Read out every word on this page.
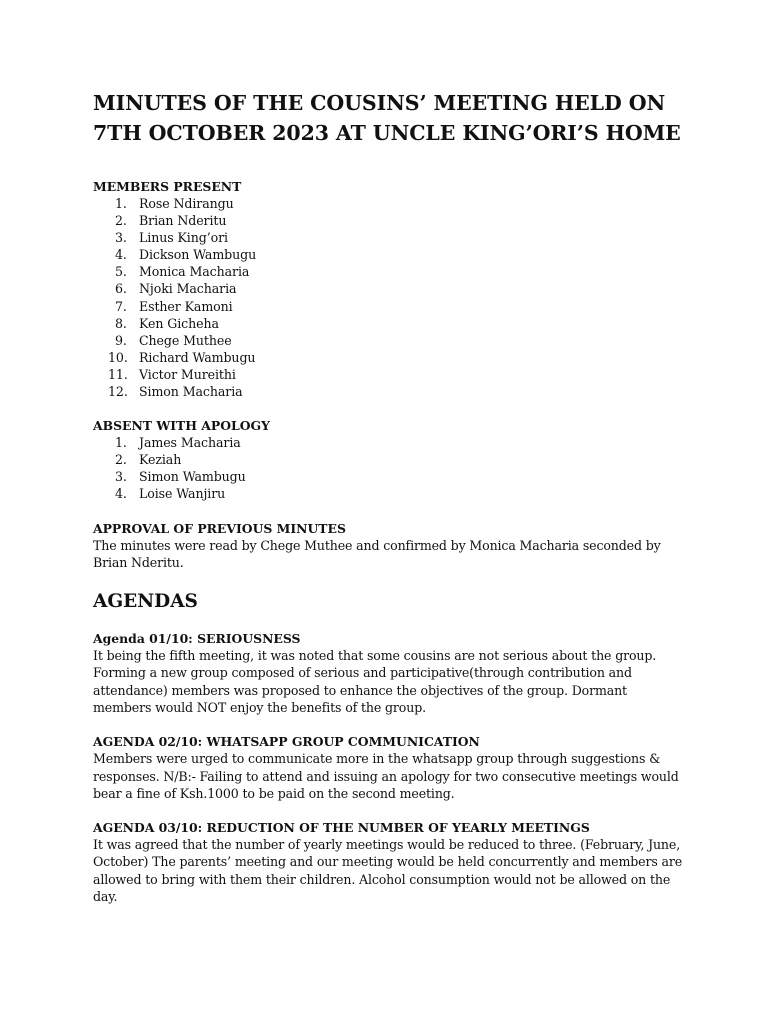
MINUTES OF THE COUSINS’ MEETING HELD ON
7TH OCTOBER 2023 AT UNCLE KING’ORI’S HOME

MEMBERS PRESENT

1. Rose Ndirangu
2. Brian Nderitu
3. Linus King’ori
4. Dickson Wambugu
5. Monica Macharia
6. Njoki Macharia
7. Esther Kamoni
8. Ken Gicheha
9. Chege Muthee
10. Richard Wambugu
11. Victor Mureithi
12. Simon Macharia

ABSENT WITH APOLOGY

1. James Macharia
2. Keziah
3. Simon Wambugu
4. Loise Wanjiru

APPROVAL OF PREVIOUS MINUTES

The minutes were read by Chege Muthee and confirmed by Monica Macharia seconded by Brian Nderitu.

AGENDAS

Agenda 01/10: SERIOUSNESS

It being the fifth meeting, it was noted that some cousins are not serious about the group. Forming a new group composed of serious and participative(through contribution and attendance) members was proposed to enhance the objectives of the group. Dormant members would NOT enjoy the benefits of the group.

AGENDA 02/10: WHATSAPP GROUP COMMUNICATION

Members were urged to communicate more in the whatsapp group through suggestions & responses. N/B:- Failing to attend and issuing an apology for two consecutive meetings would bear a fine of Ksh.1000 to be paid on the second meeting.

AGENDA 03/10: REDUCTION OF THE NUMBER OF YEARLY MEETINGS

It was agreed that the number of yearly meetings would be reduced to three. (February, June, October) The parents’ meeting and our meeting would be held concurrently and members are allowed to bring with them their children. Alcohol consumption would not be allowed on the day.
